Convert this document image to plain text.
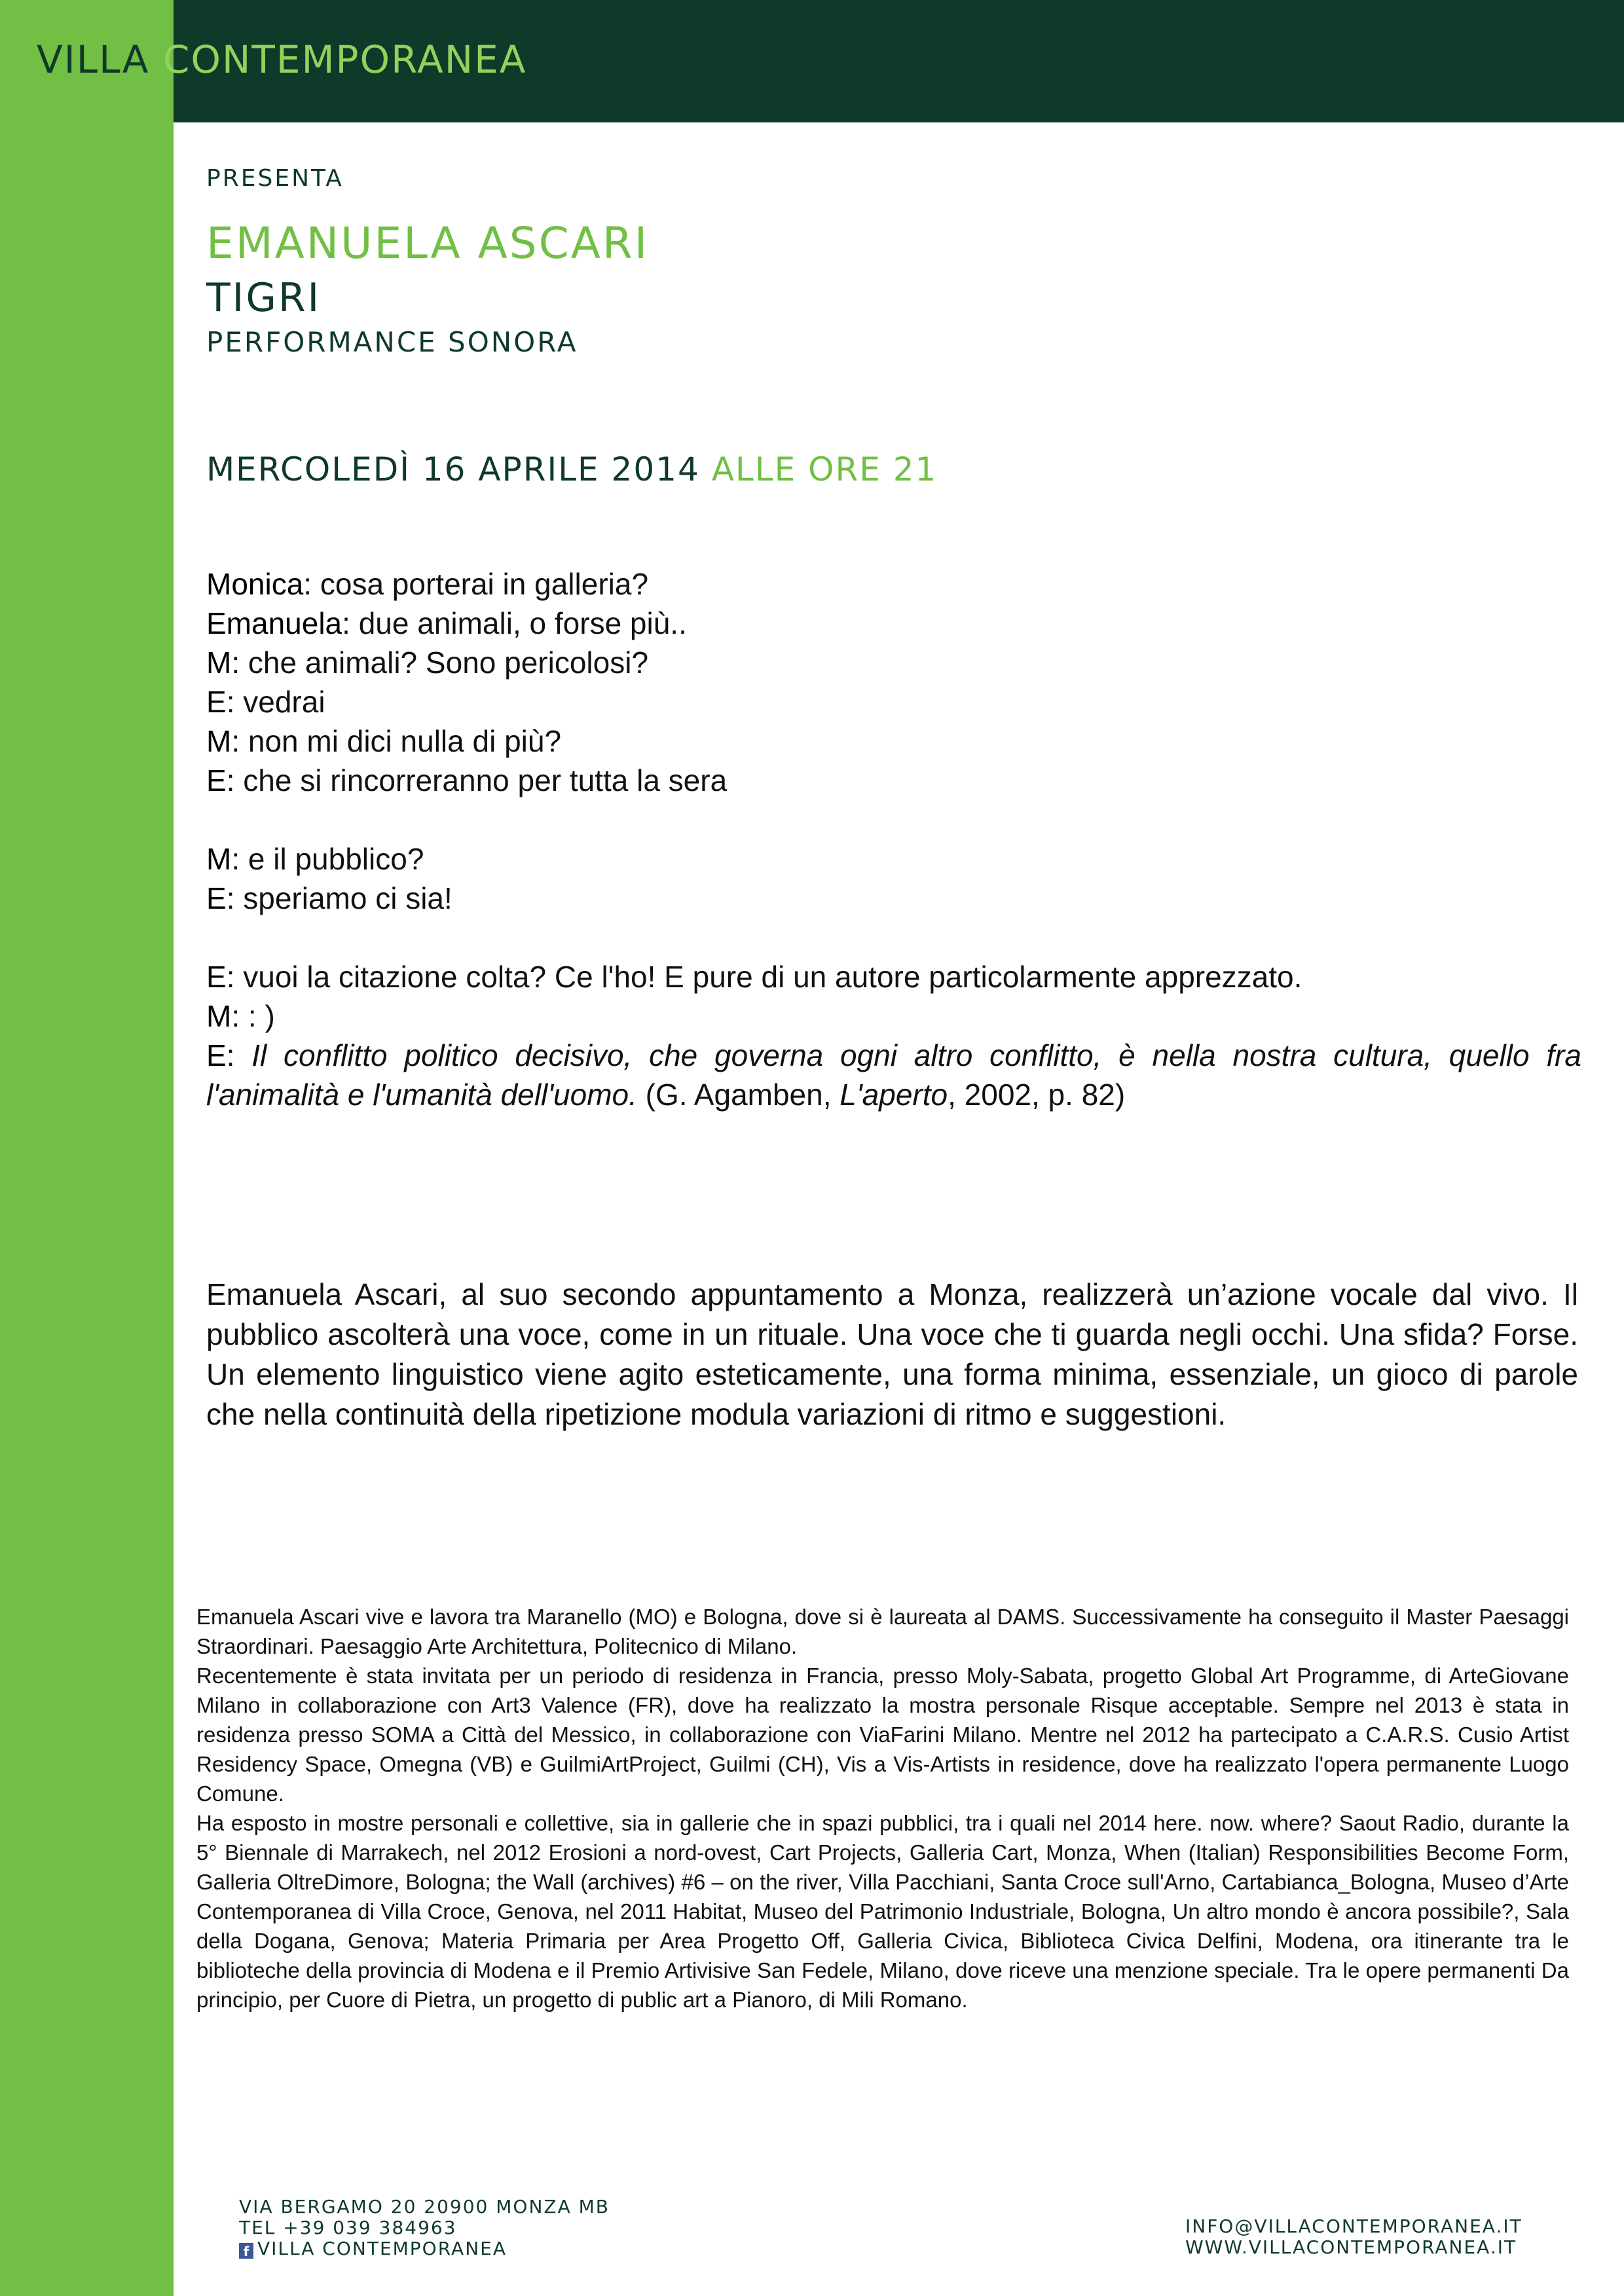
VILLA CONTEMPORANEA
PRESENTA
EMANUELA ASCARI
TIGRI
PERFORMANCE SONORA
MERCOLEDÌ 16 APRILE 2014 ALLE ORE 21
Monica: cosa porterai in galleria?
Emanuela: due animali, o forse più..
M: che animali? Sono pericolosi?
E: vedrai
M: non mi dici nulla di più?
E: che si rincorreranno per tutta la sera
M: e il pubblico?
E: speriamo ci sia!
E: vuoi la citazione colta? Ce l'ho! E pure di un autore particolarmente apprezzato.
M: : )
E: Il conflitto politico decisivo, che governa ogni altro conflitto, è nella nostra cultura, quello fra l'animalità e l'umanità dell'uomo. (G. Agamben, L'aperto, 2002, p. 82)
Emanuela Ascari, al suo secondo appuntamento a Monza, realizzerà un’azione vocale dal vivo. Il pubblico ascolterà una voce, come in un rituale. Una voce che ti guarda negli occhi. Una sfida? Forse. Un elemento linguistico viene agito esteticamente, una forma minima, essenziale, un gioco di parole che nella continuità della ripetizione modula variazioni di ritmo e suggestioni.

Emanuela Ascari vive e lavora tra Maranello (MO) e Bologna, dove si è laureata al DAMS. Successivamente ha conseguito il Master Paesaggi Straordinari. Paesaggio Arte Architettura, Politecnico di Milano.

Recentemente è stata invitata per un periodo di residenza in Francia, presso Moly-Sabata, progetto Global Art Programme, di ArteGiovane Milano in collaborazione con Art3 Valence (FR), dove ha realizzato la mostra personale Risque acceptable. Sempre nel 2013 è stata in residenza presso SOMA a Città del Messico, in collaborazione con ViaFarini Milano. Mentre nel 2012 ha partecipato a C.A.R.S. Cusio Artist Residency Space, Omegna (VB) e GuilmiArtProject, Guilmi (CH), Vis a Vis-Artists in residence, dove ha realizzato l'opera permanente Luogo Comune.

Ha esposto in mostre personali e collettive, sia in gallerie che in spazi pubblici, tra i quali nel 2014 here. now. where? Saout Radio, durante la 5° Biennale di Marrakech, nel 2012 Erosioni a nord-ovest, Cart Projects, Galleria Cart, Monza, When (Italian) Responsibilities Become Form, Galleria OltreDimore, Bologna; the Wall (archives) #6 – on the river, Villa Pacchiani, Santa Croce sull'Arno, Cartabianca_Bologna, Museo d’Arte Contemporanea di Villa Croce, Genova, nel 2011 Habitat, Museo del Patrimonio Industriale, Bologna, Un altro mondo è ancora possibile?, Sala della Dogana, Genova; Materia Primaria per Area Progetto Off, Galleria Civica, Biblioteca Civica Delfini, Modena, ora itinerante tra le biblioteche della provincia di Modena e il Premio Artivisive San Fedele, Milano, dove riceve una menzione speciale. Tra le opere permanenti Da principio, per Cuore di Pietra, un progetto di public art a Pianoro, di Mili Romano.

VIA BERGAMO 20 20900 MONZA MB
TEL +39 039 384963
f VILLA CONTEMPORANEA
INFO@VILLACONTEMPORANEA.IT
WWW.VILLACONTEMPORANEA.IT
